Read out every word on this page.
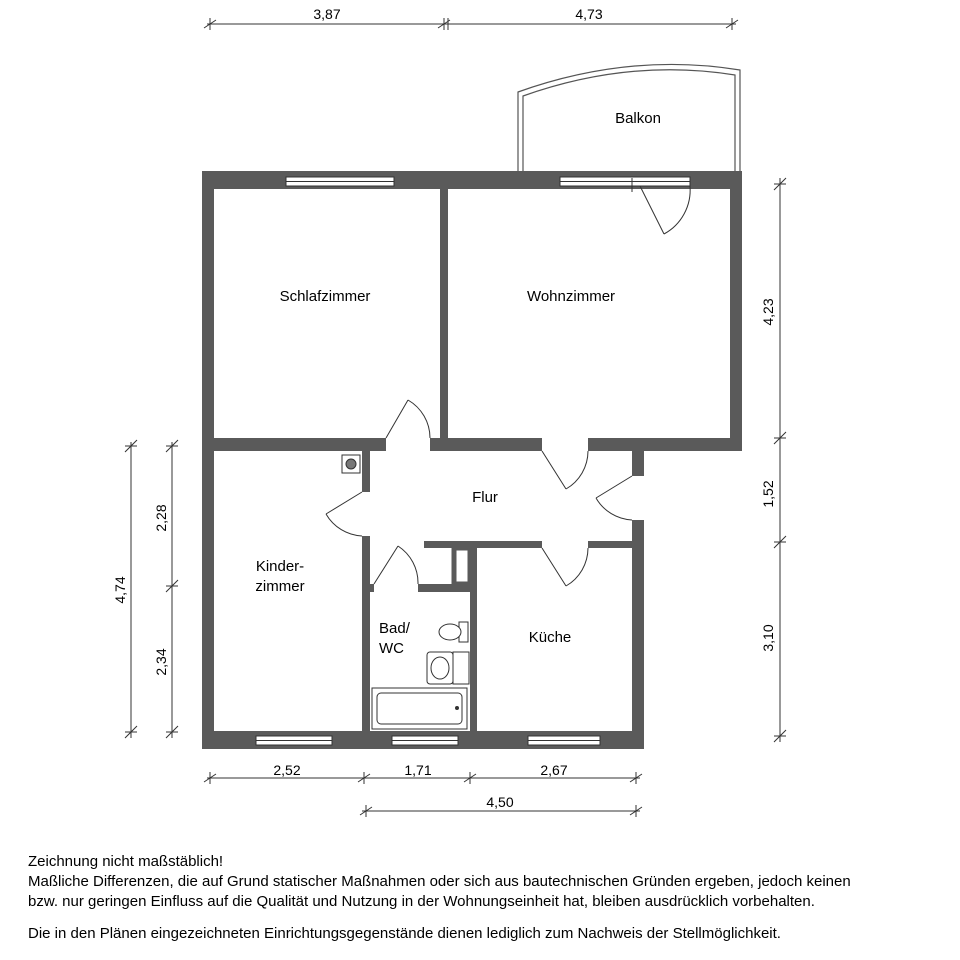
Balkon
Schlafzimmer	Wohnzimmer
Flur
Kinder-
zimmer
Bad/
WC
Küche
3,87	4,73
4,23
1,52
3,10
4,74
2,28
2,34
2,52	1,71	2,67
4,50

Zeichnung nicht maßstäblich!

Maßliche Differenzen, die auf Grund statischer Maßnahmen oder sich aus bautechnischen Gründen ergeben, jedoch keinen

bzw. nur geringen Einfluss auf die Qualität und Nutzung in der Wohnungseinheit hat, bleiben ausdrücklich vorbehalten.

Die in den Plänen eingezeichneten Einrichtungsgegenstände dienen lediglich zum Nachweis der Stellmöglichkeit.
